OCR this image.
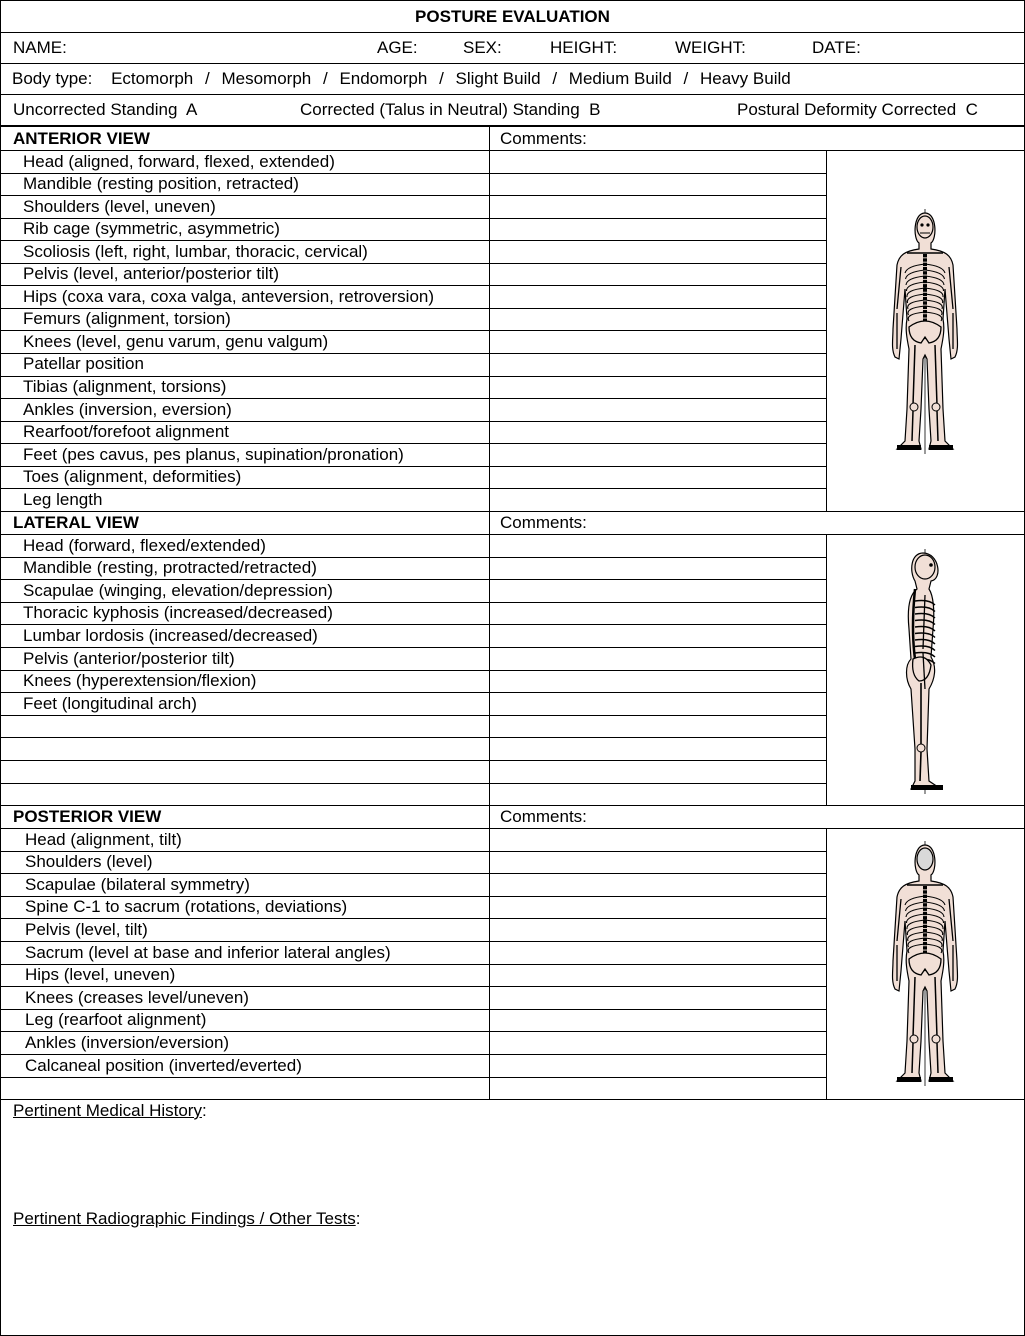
POSTURE EVALUATION
NAME:	AGE:	SEX:	HEIGHT:	WEIGHT:	DATE:
Body type: Ectomorph / Mesomorph / Endomorph / Slight Build / Medium Build / Heavy Build
Uncorrected Standing  A	Corrected (Talus in Neutral) Standing  B	Postural Deformity Corrected  C
ANTERIOR VIEW	Comments:
Head (aligned, forward, flexed, extended)
Mandible (resting position, retracted)
Shoulders (level, uneven)
Rib cage (symmetric, asymmetric)
Scoliosis (left, right, lumbar, thoracic, cervical)
Pelvis (level, anterior/posterior tilt)
Hips (coxa vara, coxa valga, anteversion, retroversion)
Femurs (alignment, torsion)
Knees (level, genu varum, genu valgum)
Patellar position
Tibias (alignment, torsions)
Ankles (inversion, eversion)
Rearfoot/forefoot alignment
Feet (pes cavus, pes planus, supination/pronation)
Toes (alignment, deformities)
Leg length
LATERAL VIEW	Comments:
Head (forward, flexed/extended)
Mandible (resting, protracted/retracted)
Scapulae (winging, elevation/depression)
Thoracic kyphosis (increased/decreased)
Lumbar lordosis (increased/decreased)
Pelvis (anterior/posterior tilt)
Knees (hyperextension/flexion)
Feet (longitudinal arch)
POSTERIOR VIEW	Comments:
Head (alignment, tilt)
Shoulders (level)
Scapulae (bilateral symmetry)
Spine C-1 to sacrum (rotations, deviations)
Pelvis (level, tilt)
Sacrum (level at base and inferior lateral angles)
Hips (level, uneven)
Knees (creases level/uneven)
Leg (rearfoot alignment)
Ankles (inversion/eversion)
Calcaneal position (inverted/everted)
Pertinent Medical History:
Pertinent Radiographic Findings / Other Tests:
